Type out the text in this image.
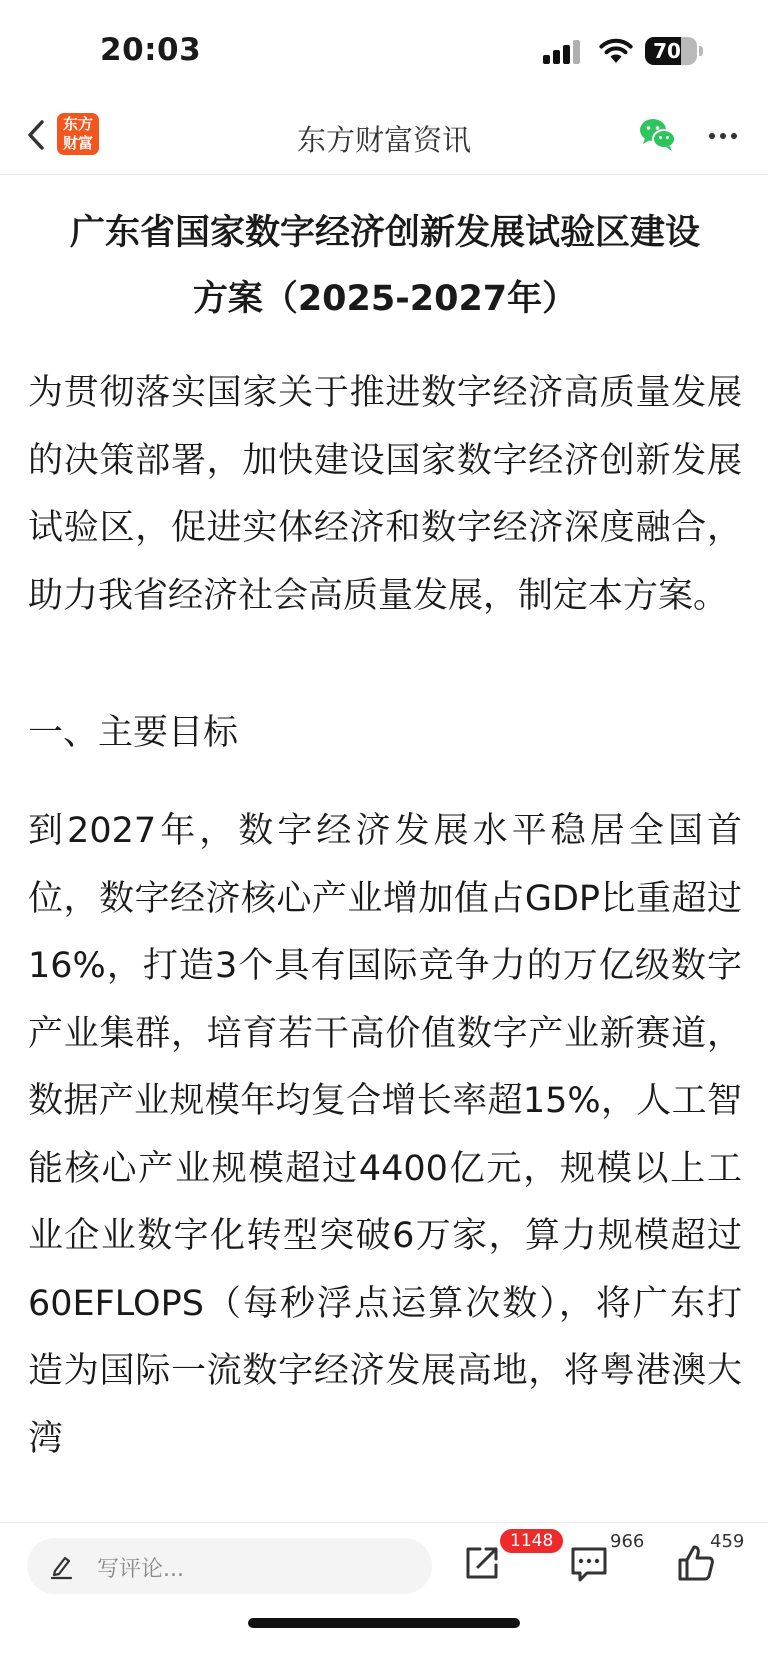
20:03	70
东方
财富	东方财富资讯
广东省国家数字经济创新发展试验区建设
方案（2025-2027年）

为贯彻落实国家关于推进数字经济高质量发展的决策部署，加快建设国家数字经济创新发展试验区，促进实体经济和数字经济深度融合，助力我省经济社会高质量发展，制定本方案。

一、主要目标

到2027年，数字经济发展水平稳居全国首位，数字经济核心产业增加值占GDP比重超过16%，打造3个具有国际竞争力的万亿级数字产业集群，培育若干高价值数字产业新赛道，数据产业规模年均复合增长率超15%，人工智能核心产业规模超过4400亿元，规模以上工业企业数字化转型突破6万家，算力规模超过60EFLOPS（每秒浮点运算次数），将广东打造为国际一流数字经济发展高地，将粤港澳大湾

写评论...
1148	966	459
